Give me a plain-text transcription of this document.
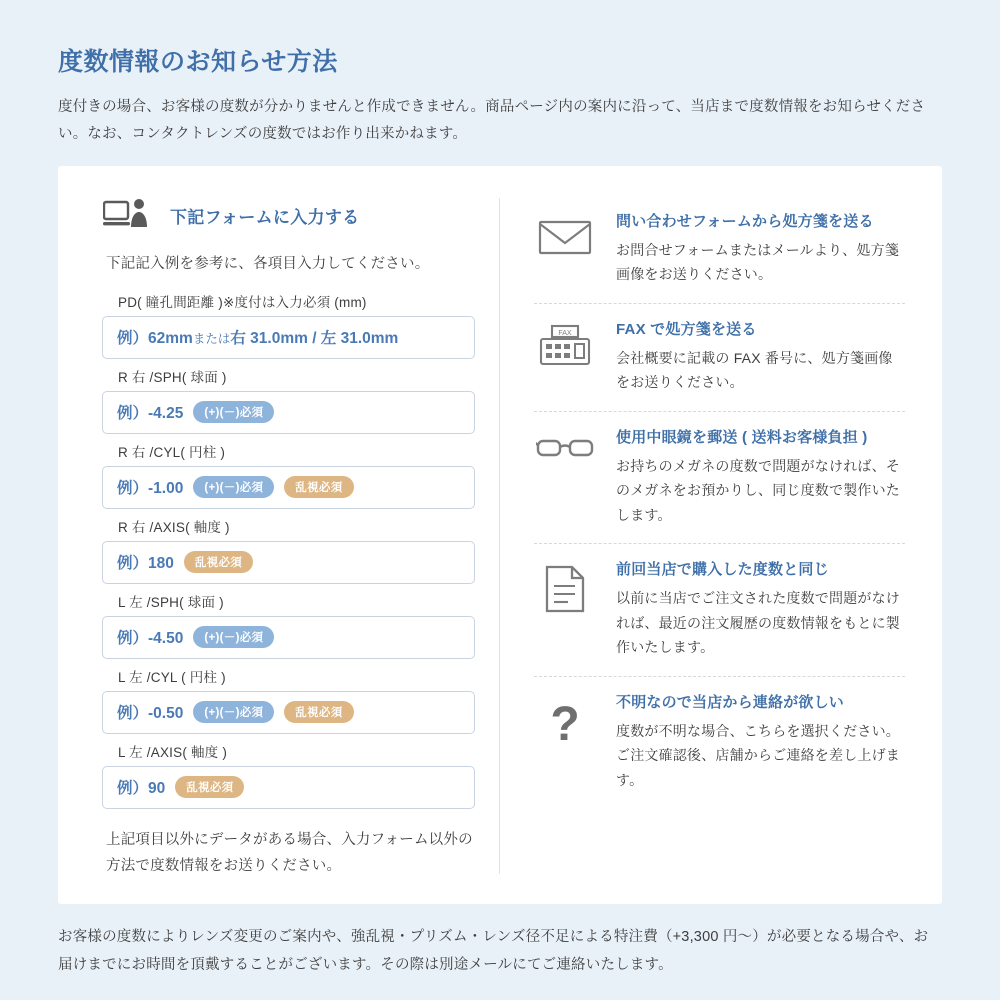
度数情報のお知らせ方法

度付きの場合、お客様の度数が分かりませんと作成できません。商品ページ内の案内に沿って、当店まで度数情報をお知らせください。なお、コンタクトレンズの度数ではお作り出来かねます。

下記フォームに入力する

下記記入例を参考に、各項目入力してください。

PD( 瞳孔間距離 )※度付は入力必須 (mm)
例）62mmまたは右 31.0mm / 左 31.0mm
R 右 /SPH( 球面 )
例）-4.25	(+)(－)必須
R 右 /CYL( 円柱 )
例）-1.00	(+)(－)必須	乱視必須
R 右 /AXIS( 軸度 )
例）180	乱視必須
L 左 /SPH( 球面 )
例）-4.50	(+)(－)必須
L 左 /CYL ( 円柱 )
例）-0.50	(+)(－)必須	乱視必須
L 左 /AXIS( 軸度 )
例）90	乱視必須

上記項目以外にデータがある場合、入力フォーム以外の方法で度数情報をお送りください。

問い合わせフォームから処方箋を送る
お問合せフォームまたはメールより、処方箋画像をお送りください。
FAX	FAX で処方箋を送る
会社概要に記載の FAX 番号に、処方箋画像をお送りください。
使用中眼鏡を郵送 ( 送料お客様負担 )
お持ちのメガネの度数で問題がなければ、そのメガネをお預かりし、同じ度数で製作いたします。
前回当店で購入した度数と同じ
以前に当店でご注文された度数で問題がなければ、最近の注文履歴の度数情報をもとに製作いたします。
? 不明なので当店から連絡が欲しい
度数が不明な場合、こちらを選択ください。ご注文確認後、店舗からご連絡を差し上げます。

お客様の度数によりレンズ変更のご案内や、強乱視・プリズム・レンズ径不足による特注費（+3,300 円〜）が必要となる場合や、お届けまでにお時間を頂戴することがございます。その際は別途メールにてご連絡いたします。
